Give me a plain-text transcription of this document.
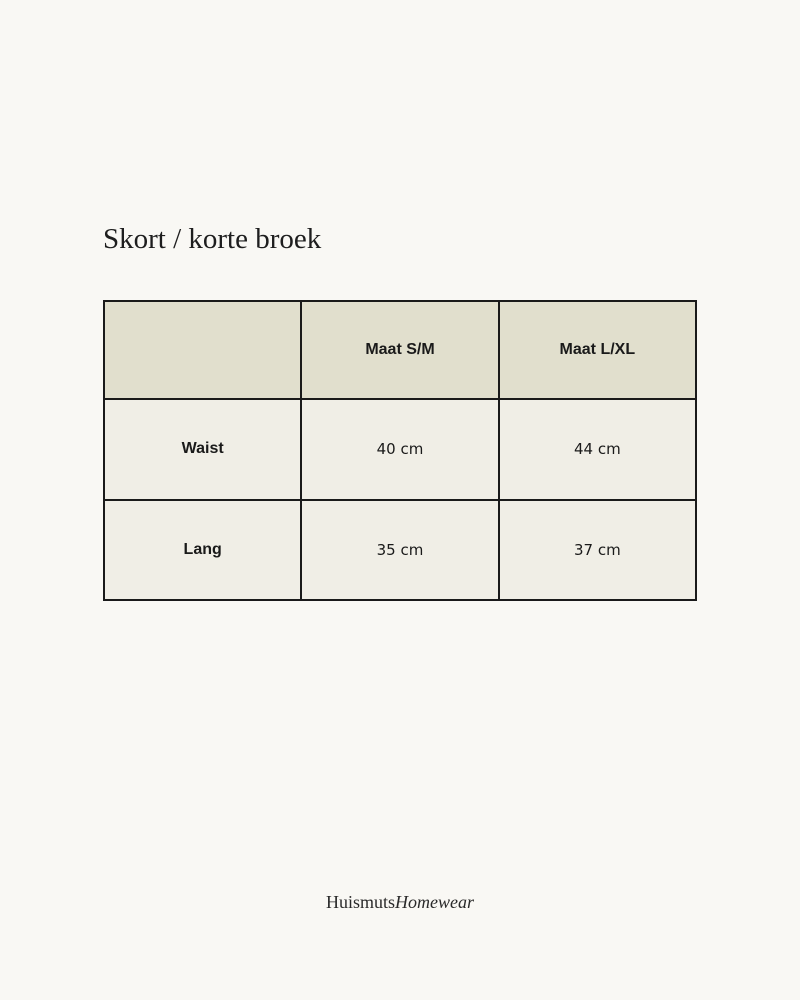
Skort / korte broek
	Maat S/M	Maat L/XL
Waist	40 cm	44 cm
Lang	35 cm	37 cm
HuismutsHomewear
